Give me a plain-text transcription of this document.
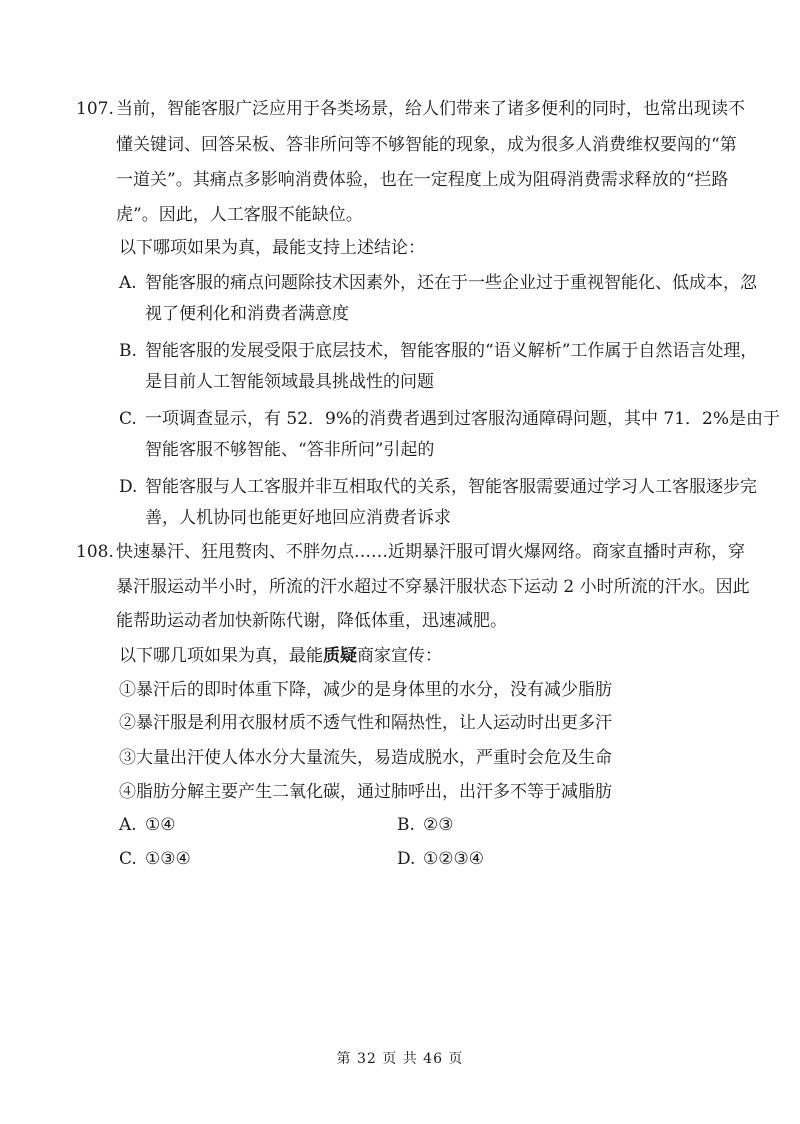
107. 当前，智能客服广泛应用于各类场景，给人们带来了诸多便利的同时，也常出现读不
懂关键词、回答呆板、答非所问等不够智能的现象，成为很多人消费维权要闯的“第
一道关”。其痛点多影响消费体验，也在一定程度上成为阻碍消费需求释放的“拦路
虎”。因此，人工客服不能缺位。
以下哪项如果为真，最能支持上述结论：
A. 智能客服的痛点问题除技术因素外，还在于一些企业过于重视智能化、低成本，忽
视了便利化和消费者满意度
B. 智能客服的发展受限于底层技术，智能客服的“语义解析”工作属于自然语言处理，
是目前人工智能领域最具挑战性的问题
C. 一项调查显示，有 52．9%的消费者遇到过客服沟通障碍问题，其中 71．2%是由于
智能客服不够智能、“答非所问”引起的
D. 智能客服与人工客服并非互相取代的关系，智能客服需要通过学习人工客服逐步完
善，人机协同也能更好地回应消费者诉求
108. 快速暴汗、狂甩赘肉、不胖勿点……近期暴汗服可谓火爆网络。商家直播时声称，穿
暴汗服运动半小时，所流的汗水超过不穿暴汗服状态下运动 2 小时所流的汗水。因此
能帮助运动者加快新陈代谢，降低体重，迅速减肥。
以下哪几项如果为真，最能质疑商家宣传：
①暴汗后的即时体重下降，减少的是身体里的水分，没有减少脂肪
②暴汗服是利用衣服材质不透气性和隔热性，让人运动时出更多汗
③大量出汗使人体水分大量流失，易造成脱水，严重时会危及生命
④脂肪分解主要产生二氧化碳，通过肺呼出，出汗多不等于减脂肪
A. ①④	B. ②③
C. ①③④	D. ①②③④
第 32 页 共 46 页
